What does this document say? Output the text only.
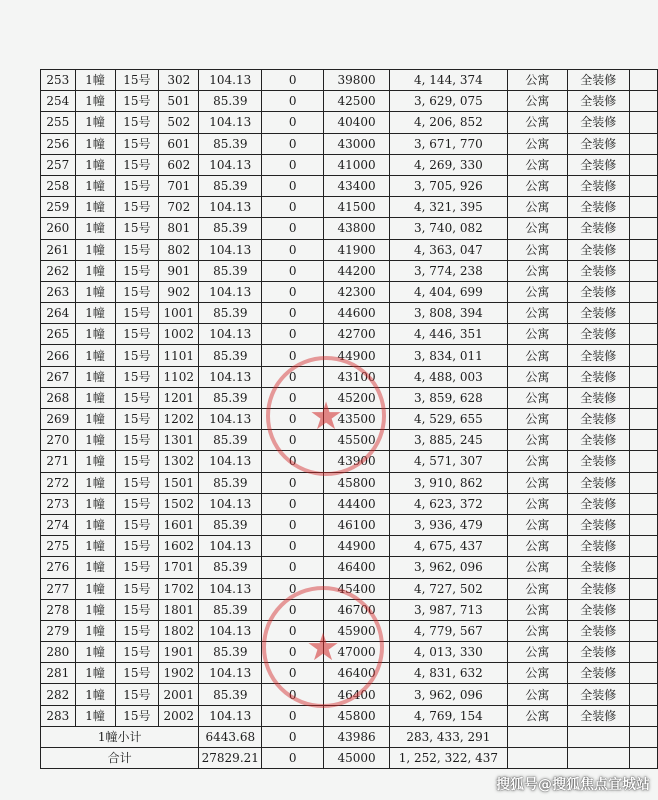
253	1幢	15号	302	104.13	0	39800	4, 144, 374	公寓	全装修	
254	1幢	15号	501	85.39	0	42500	3, 629, 075	公寓	全装修	
255	1幢	15号	502	104.13	0	40400	4, 206, 852	公寓	全装修	
256	1幢	15号	601	85.39	0	43000	3, 671, 770	公寓	全装修	
257	1幢	15号	602	104.13	0	41000	4, 269, 330	公寓	全装修	
258	1幢	15号	701	85.39	0	43400	3, 705, 926	公寓	全装修	
259	1幢	15号	702	104.13	0	41500	4, 321, 395	公寓	全装修	
260	1幢	15号	801	85.39	0	43800	3, 740, 082	公寓	全装修	
261	1幢	15号	802	104.13	0	41900	4, 363, 047	公寓	全装修	
262	1幢	15号	901	85.39	0	44200	3, 774, 238	公寓	全装修	
263	1幢	15号	902	104.13	0	42300	4, 404, 699	公寓	全装修	
264	1幢	15号	1001	85.39	0	44600	3, 808, 394	公寓	全装修	
265	1幢	15号	1002	104.13	0	42700	4, 446, 351	公寓	全装修	
266	1幢	15号	1101	85.39	0	44900	3, 834, 011	公寓	全装修	
267	1幢	15号	1102	104.13	0	43100	4, 488, 003	公寓	全装修	
268	1幢	15号	1201	85.39	0	45200	3, 859, 628	公寓	全装修	
269	1幢	15号	1202	104.13	0	43500	4, 529, 655	公寓	全装修	
270	1幢	15号	1301	85.39	0	45500	3, 885, 245	公寓	全装修	
271	1幢	15号	1302	104.13	0	43900	4, 571, 307	公寓	全装修	
272	1幢	15号	1501	85.39	0	45800	3, 910, 862	公寓	全装修	
273	1幢	15号	1502	104.13	0	44400	4, 623, 372	公寓	全装修	
274	1幢	15号	1601	85.39	0	46100	3, 936, 479	公寓	全装修	
275	1幢	15号	1602	104.13	0	44900	4, 675, 437	公寓	全装修	
276	1幢	15号	1701	85.39	0	46400	3, 962, 096	公寓	全装修	
277	1幢	15号	1702	104.13	0	45400	4, 727, 502	公寓	全装修	
278	1幢	15号	1801	85.39	0	46700	3, 987, 713	公寓	全装修	
279	1幢	15号	1802	104.13	0	45900	4, 779, 567	公寓	全装修	
280	1幢	15号	1901	85.39	0	47000	4, 013, 330	公寓	全装修	
281	1幢	15号	1902	104.13	0	46400	4, 831, 632	公寓	全装修	
282	1幢	15号	2001	85.39	0	46400	3, 962, 096	公寓	全装修	
283	1幢	15号	2002	104.13	0	45800	4, 769, 154	公寓	全装修	
1幢小计				6443.68	0	43986	283, 433, 291			
合计				27829.21	0	45000	1, 252, 322, 437			
★
★
搜狐号@搜狐焦点宜城站
